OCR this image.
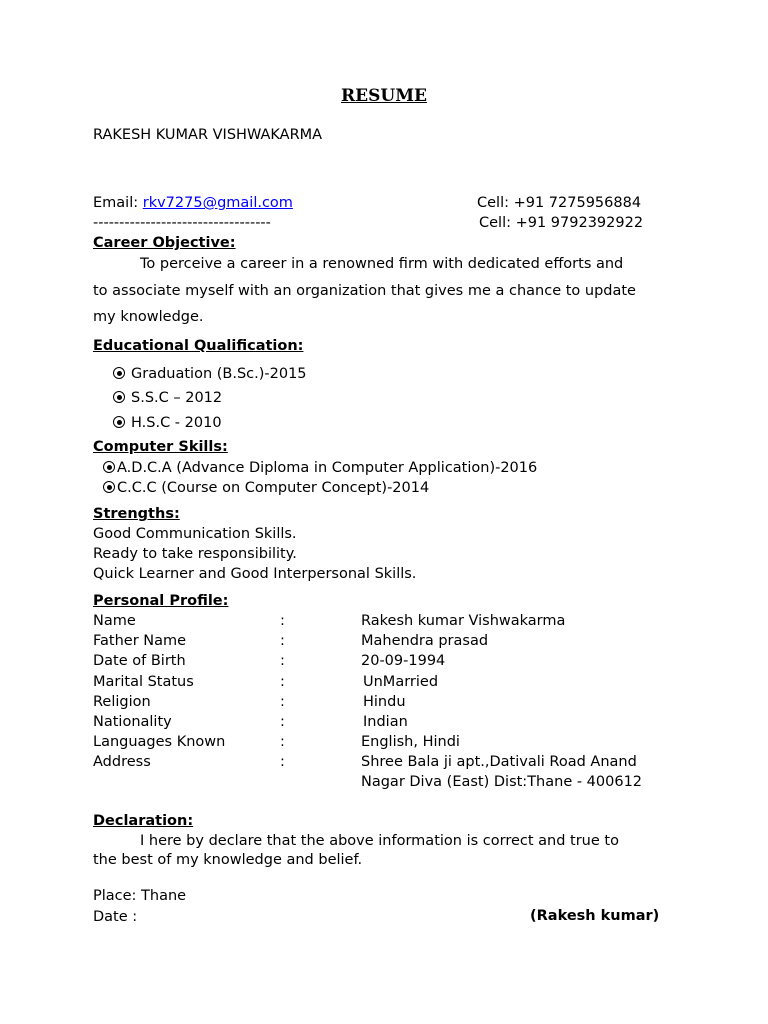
RESUME
RAKESH KUMAR VISHWAKARMA
Email: rkv7275@gmail.com	Cell: +91 7275956884
----------------------------------	Cell: +91 9792392922
Career Objective:
To perceive a career in a renowned firm with dedicated efforts and
to associate myself with an organization that gives me a chance to update
my knowledge.
Educational Qualification:
Graduation (B.Sc.)-2015
S.S.C – 2012
H.S.C - 2010
Computer Skills:
A.D.C.A (Advance Diploma in Computer Application)-2016
C.C.C (Course on Computer Concept)-2014
Strengths:
Good Communication Skills.
Ready to take responsibility.
Quick Learner and Good Interpersonal Skills.
Personal Profile:
Name	:	Rakesh kumar Vishwakarma
Father Name	:	Mahendra prasad
Date of Birth	:	20-09-1994
Marital Status	:	UnMarried
Religion	:	Hindu
Nationality	:	Indian
Languages Known	:	English, Hindi
Address	:	Shree Bala ji apt.,Dativali Road Anand
Nagar Diva (East) Dist:Thane - 400612
Declaration:
I here by declare that the above information is correct and true to
the best of my knowledge and belief.
Place: Thane
Date :	(Rakesh kumar)
